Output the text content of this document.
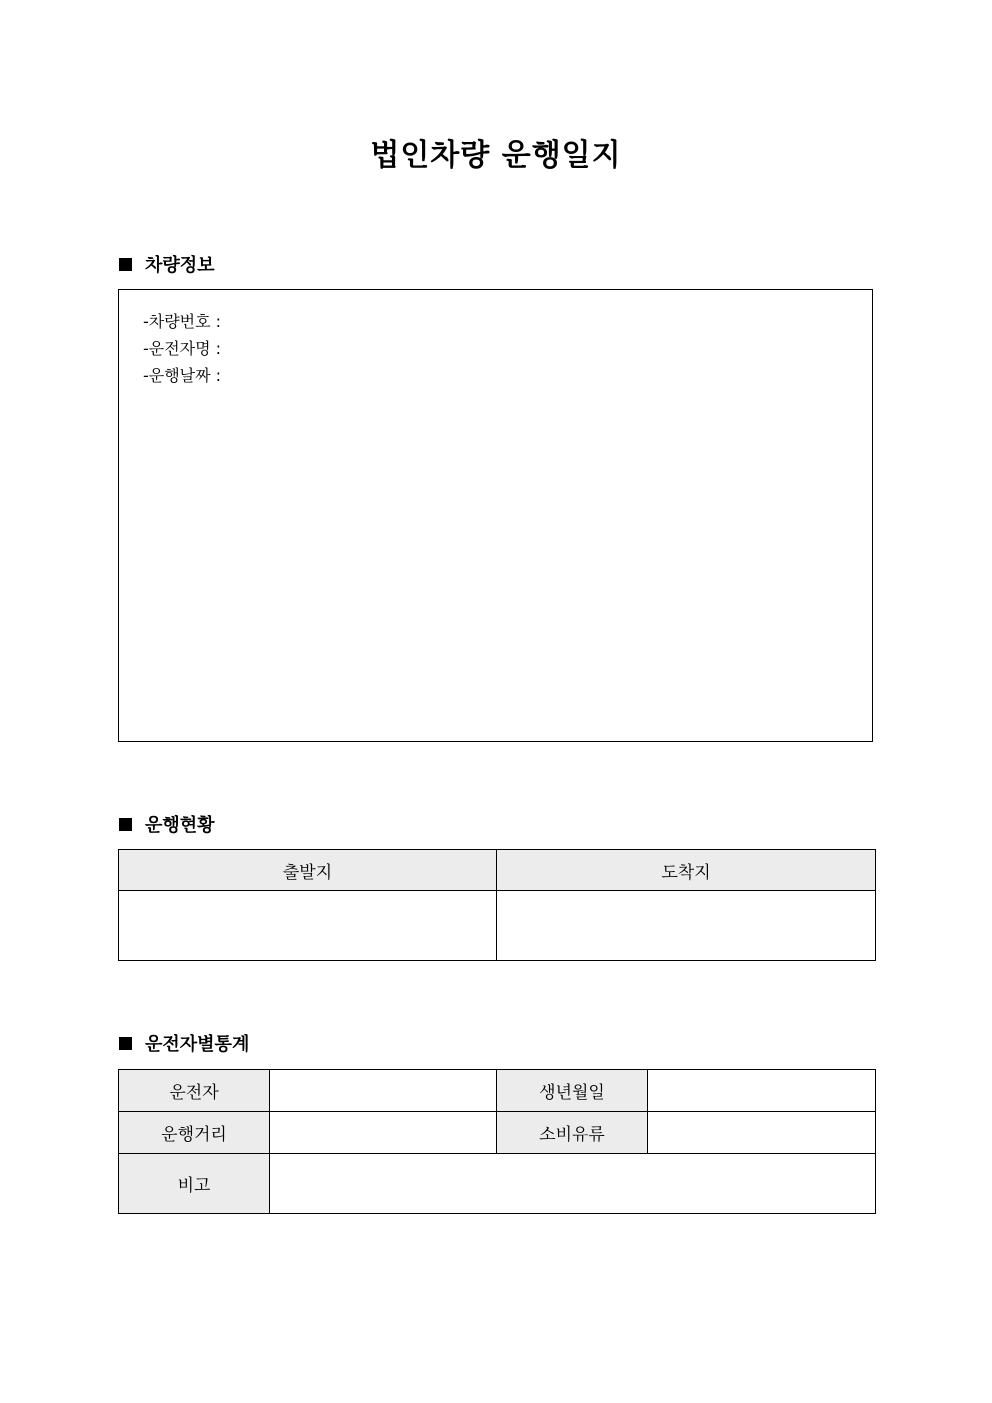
법인차량 운행일지
차량정보
-차량번호 :
-운전자명 :
-운행날짜 :
운행현황
출발지	도착지

운전자별통계
운전자		생년월일	
운행거리		소비유류	
비고			
